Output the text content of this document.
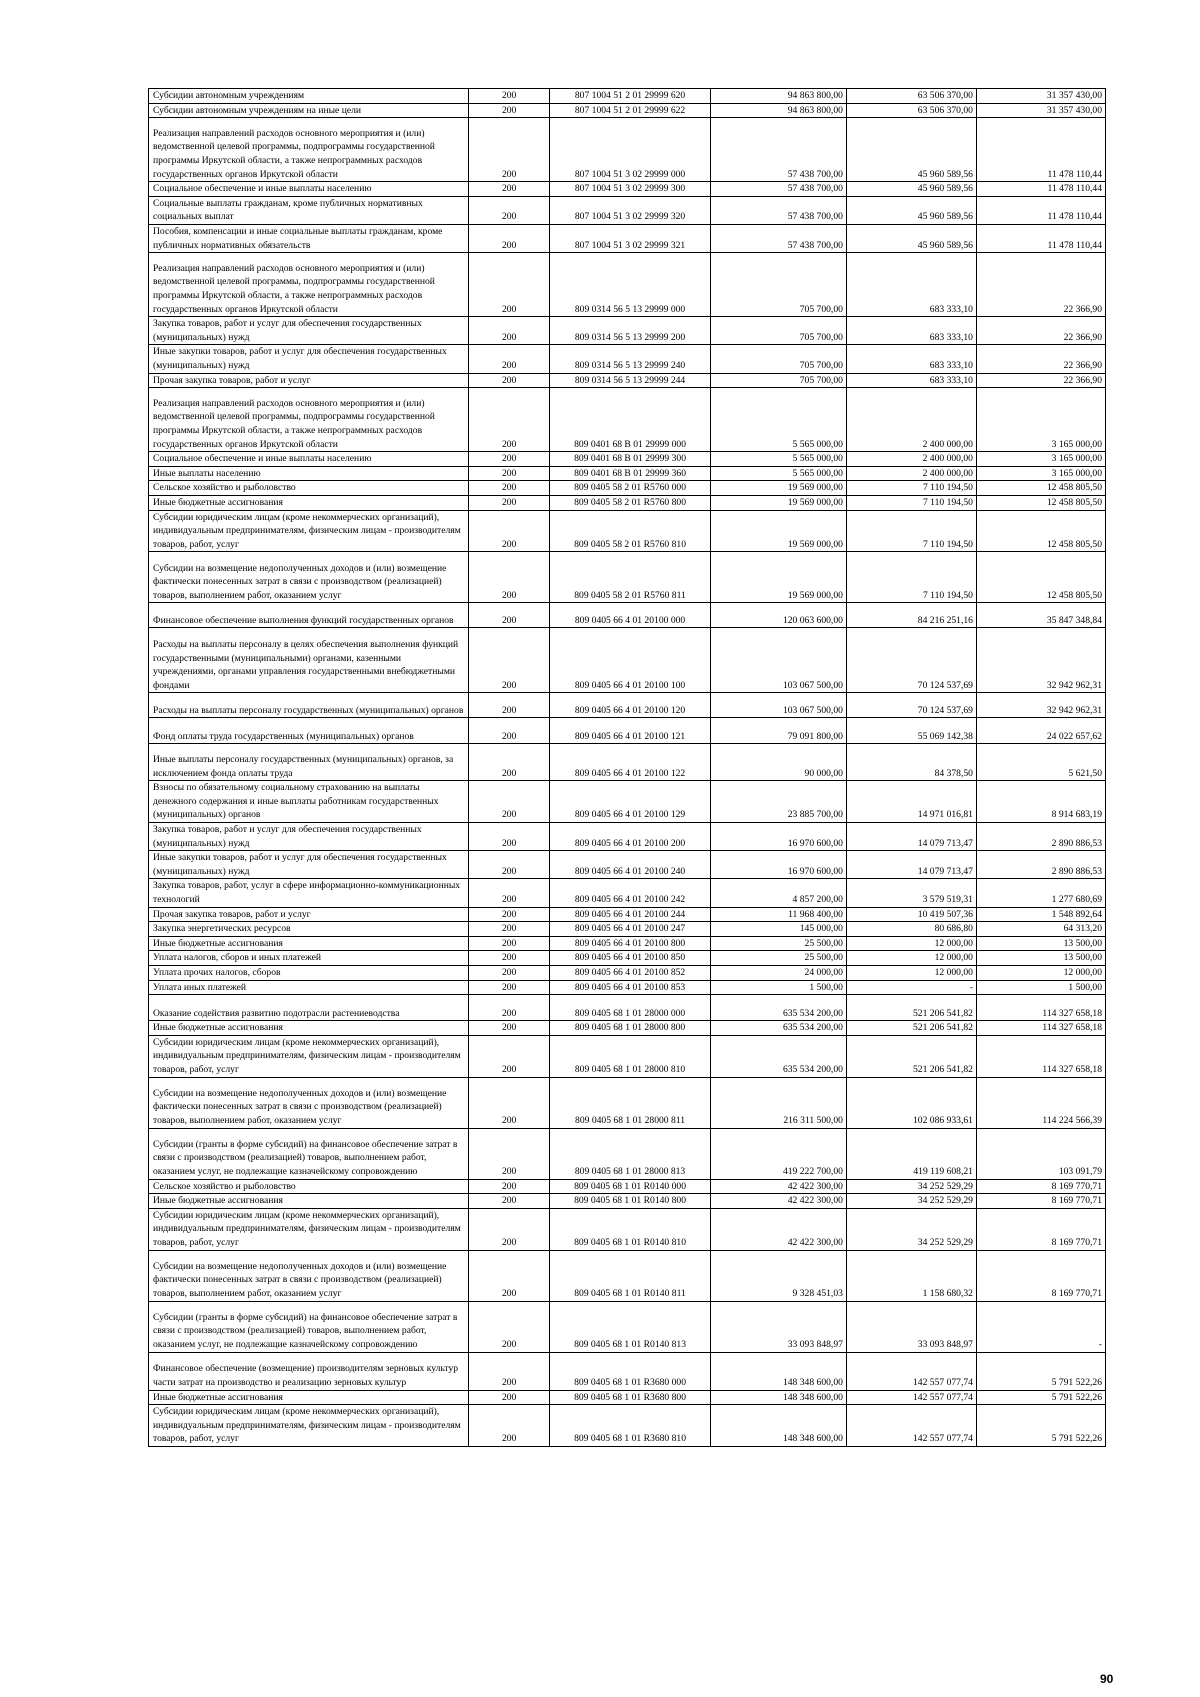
Субсидии автономным учреждениям	200	807 1004 51 2 01 29999 620	94 863 800,00	63 506 370,00	31 357 430,00
Субсидии автономным учреждениям на иные цели	200	807 1004 51 2 01 29999 622	94 863 800,00	63 506 370,00	31 357 430,00
Реализация направлений расходов основного мероприятия и (или) ведомственной целевой программы, подпрограммы государственной программы Иркутской области, а также непрограммных расходов государственных органов Иркутской области	200	807 1004 51 3 02 29999 000	57 438 700,00	45 960 589,56	11 478 110,44
Социальное обеспечение и иные выплаты населению	200	807 1004 51 3 02 29999 300	57 438 700,00	45 960 589,56	11 478 110,44
Социальные выплаты гражданам, кроме публичных нормативных социальных выплат	200	807 1004 51 3 02 29999 320	57 438 700,00	45 960 589,56	11 478 110,44
Пособия, компенсации и иные социальные выплаты гражданам, кроме публичных нормативных обязательств	200	807 1004 51 3 02 29999 321	57 438 700,00	45 960 589,56	11 478 110,44
Реализация направлений расходов основного мероприятия и (или) ведомственной целевой программы, подпрограммы государственной программы Иркутской области, а также непрограммных расходов государственных органов Иркутской области	200	809 0314 56 5 13 29999 000	705 700,00	683 333,10	22 366,90
Закупка товаров, работ и услуг для обеспечения государственных (муниципальных) нужд	200	809 0314 56 5 13 29999 200	705 700,00	683 333,10	22 366,90
Иные закупки товаров, работ и услуг для обеспечения государственных (муниципальных) нужд	200	809 0314 56 5 13 29999 240	705 700,00	683 333,10	22 366,90
Прочая закупка товаров, работ и услуг	200	809 0314 56 5 13 29999 244	705 700,00	683 333,10	22 366,90
Реализация направлений расходов основного мероприятия и (или) ведомственной целевой программы, подпрограммы государственной программы Иркутской области, а также непрограммных расходов государственных органов Иркутской области	200	809 0401 68 В 01 29999 000	5 565 000,00	2 400 000,00	3 165 000,00
Социальное обеспечение и иные выплаты населению	200	809 0401 68 В 01 29999 300	5 565 000,00	2 400 000,00	3 165 000,00
Иные выплаты населению	200	809 0401 68 В 01 29999 360	5 565 000,00	2 400 000,00	3 165 000,00
Сельское хозяйство и рыболовство	200	809 0405 58 2 01 R5760 000	19 569 000,00	7 110 194,50	12 458 805,50
Иные бюджетные ассигнования	200	809 0405 58 2 01 R5760 800	19 569 000,00	7 110 194,50	12 458 805,50
Субсидии юридическим лицам (кроме некоммерческих организаций), индивидуальным предпринимателям, физическим лицам - производителям товаров, работ, услуг	200	809 0405 58 2 01 R5760 810	19 569 000,00	7 110 194,50	12 458 805,50
Субсидии на возмещение недополученных доходов и (или) возмещение фактически понесенных затрат в связи с производством (реализацией) товаров, выполнением работ, оказанием услуг	200	809 0405 58 2 01 R5760 811	19 569 000,00	7 110 194,50	12 458 805,50
Финансовое обеспечение выполнения функций государственных органов	200	809 0405 66 4 01 20100 000	120 063 600,00	84 216 251,16	35 847 348,84
Расходы на выплаты персоналу в целях обеспечения выполнения функций государственными (муниципальными) органами, казенными учреждениями, органами управления государственными внебюджетными фондами	200	809 0405 66 4 01 20100 100	103 067 500,00	70 124 537,69	32 942 962,31
Расходы на выплаты персоналу государственных (муниципальных) органов	200	809 0405 66 4 01 20100 120	103 067 500,00	70 124 537,69	32 942 962,31
Фонд оплаты труда государственных (муниципальных) органов	200	809 0405 66 4 01 20100 121	79 091 800,00	55 069 142,38	24 022 657,62
Иные выплаты персоналу государственных (муниципальных) органов, за исключением фонда оплаты труда	200	809 0405 66 4 01 20100 122	90 000,00	84 378,50	5 621,50
Взносы по обязательному социальному страхованию на выплаты денежного содержания и иные выплаты работникам государственных (муниципальных) органов	200	809 0405 66 4 01 20100 129	23 885 700,00	14 971 016,81	8 914 683,19
Закупка товаров, работ и услуг для обеспечения государственных (муниципальных) нужд	200	809 0405 66 4 01 20100 200	16 970 600,00	14 079 713,47	2 890 886,53
Иные закупки товаров, работ и услуг для обеспечения государственных (муниципальных) нужд	200	809 0405 66 4 01 20100 240	16 970 600,00	14 079 713,47	2 890 886,53
Закупка товаров, работ, услуг в сфере информационно-коммуникационных технологий	200	809 0405 66 4 01 20100 242	4 857 200,00	3 579 519,31	1 277 680,69
Прочая закупка товаров, работ и услуг	200	809 0405 66 4 01 20100 244	11 968 400,00	10 419 507,36	1 548 892,64
Закупка энергетических ресурсов	200	809 0405 66 4 01 20100 247	145 000,00	80 686,80	64 313,20
Иные бюджетные ассигнования	200	809 0405 66 4 01 20100 800	25 500,00	12 000,00	13 500,00
Уплата налогов, сборов и иных платежей	200	809 0405 66 4 01 20100 850	25 500,00	12 000,00	13 500,00
Уплата прочих налогов, сборов	200	809 0405 66 4 01 20100 852	24 000,00	12 000,00	12 000,00
Уплата иных платежей	200	809 0405 66 4 01 20100 853	1 500,00	-	1 500,00
Оказание содействия развитию подотрасли растениеводства	200	809 0405 68 1 01 28000 000	635 534 200,00	521 206 541,82	114 327 658,18
Иные бюджетные ассигнования	200	809 0405 68 1 01 28000 800	635 534 200,00	521 206 541,82	114 327 658,18
Субсидии юридическим лицам (кроме некоммерческих организаций), индивидуальным предпринимателям, физическим лицам - производителям товаров, работ, услуг	200	809 0405 68 1 01 28000 810	635 534 200,00	521 206 541,82	114 327 658,18
Субсидии на возмещение недополученных доходов и (или) возмещение фактически понесенных затрат в связи с производством (реализацией) товаров, выполнением работ, оказанием услуг	200	809 0405 68 1 01 28000 811	216 311 500,00	102 086 933,61	114 224 566,39
Субсидии (гранты в форме субсидий) на финансовое обеспечение затрат в связи с производством (реализацией) товаров, выполнением работ, оказанием услуг, не подлежащие казначейскому сопровождению	200	809 0405 68 1 01 28000 813	419 222 700,00	419 119 608,21	103 091,79
Сельское хозяйство и рыболовство	200	809 0405 68 1 01 R0140 000	42 422 300,00	34 252 529,29	8 169 770,71
Иные бюджетные ассигнования	200	809 0405 68 1 01 R0140 800	42 422 300,00	34 252 529,29	8 169 770,71
Субсидии юридическим лицам (кроме некоммерческих организаций), индивидуальным предпринимателям, физическим лицам - производителям товаров, работ, услуг	200	809 0405 68 1 01 R0140 810	42 422 300,00	34 252 529,29	8 169 770,71
Субсидии на возмещение недополученных доходов и (или) возмещение фактически понесенных затрат в связи с производством (реализацией) товаров, выполнением работ, оказанием услуг	200	809 0405 68 1 01 R0140 811	9 328 451,03	1 158 680,32	8 169 770,71
Субсидии (гранты в форме субсидий) на финансовое обеспечение затрат в связи с производством (реализацией) товаров, выполнением работ, оказанием услуг, не подлежащие казначейскому сопровождению	200	809 0405 68 1 01 R0140 813	33 093 848,97	33 093 848,97	-
Финансовое обеспечение (возмещение) производителям зерновых культур части затрат на производство и реализацию зерновых культур	200	809 0405 68 1 01 R3680 000	148 348 600,00	142 557 077,74	5 791 522,26
Иные бюджетные ассигнования	200	809 0405 68 1 01 R3680 800	148 348 600,00	142 557 077,74	5 791 522,26
Субсидии юридическим лицам (кроме некоммерческих организаций), индивидуальным предпринимателям, физическим лицам - производителям товаров, работ, услуг	200	809 0405 68 1 01 R3680 810	148 348 600,00	142 557 077,74	5 791 522,26
90
